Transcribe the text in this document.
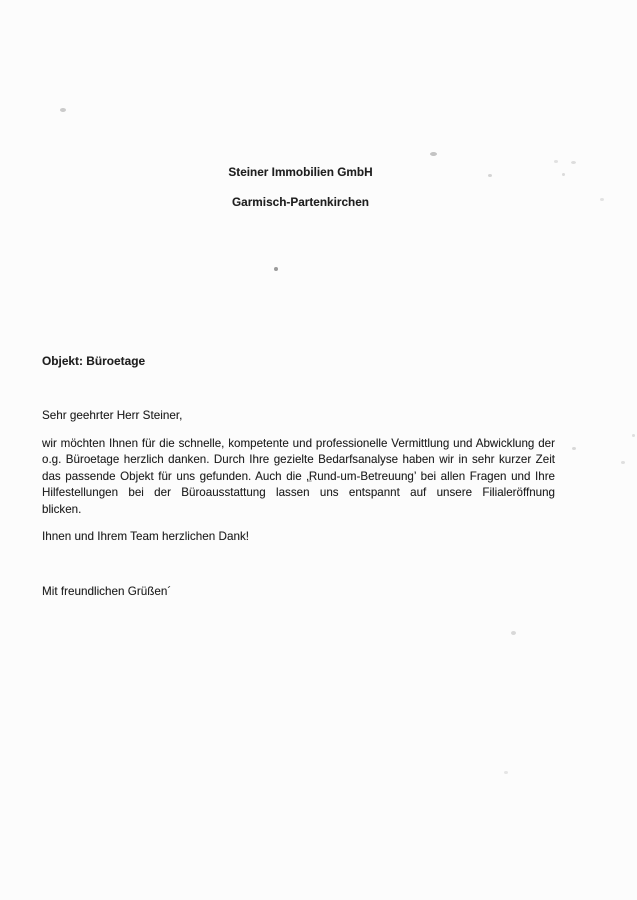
Steiner Immobilien GmbH
Garmisch-Partenkirchen
Objekt: Büroetage
Sehr geehrter Herr Steiner,
wir möchten Ihnen für die schnelle, kompetente und professionelle Vermittlung und Abwicklung der
o.g. Büroetage herzlich danken. Durch Ihre gezielte Bedarfsanalyse haben wir in sehr kurzer Zeit
das passende Objekt für uns gefunden. Auch die ‚Rund-um-Betreuung’ bei allen Fragen und Ihre
Hilfestellungen bei der Büroausstattung lassen uns entspannt auf unsere Filialeröffnung
blicken.
Ihnen und Ihrem Team herzlichen Dank!
Mit freundlichen Grüßen´
